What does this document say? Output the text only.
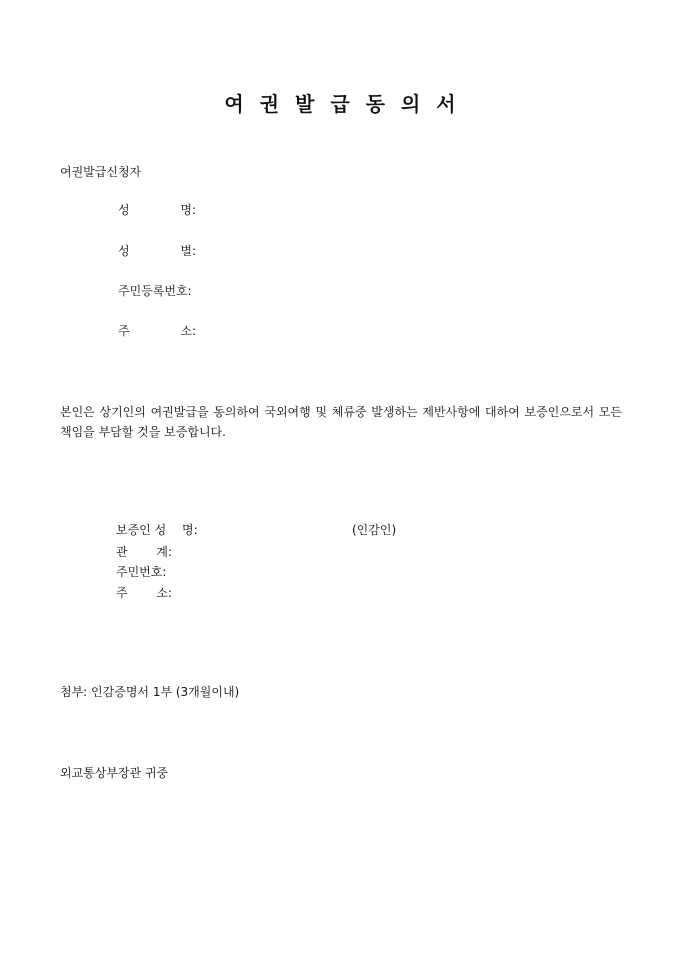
여권발급동의서
여권발급신청자
성	명:
성	별:
주민등록번호:
주	소:
본인은 상기인의 여권발급을 동의하여 국외여행 및 체류중 발생하는 제반사항에 대하여 보증인으로서 모든 책임을 부담할 것을 보증합니다.
보증인 성　 명:	(인감인)
관 계:
주민번호:
주 소:
첨부: 인감증명서 1부 (3개월이내)
외교통상부장관 귀중
